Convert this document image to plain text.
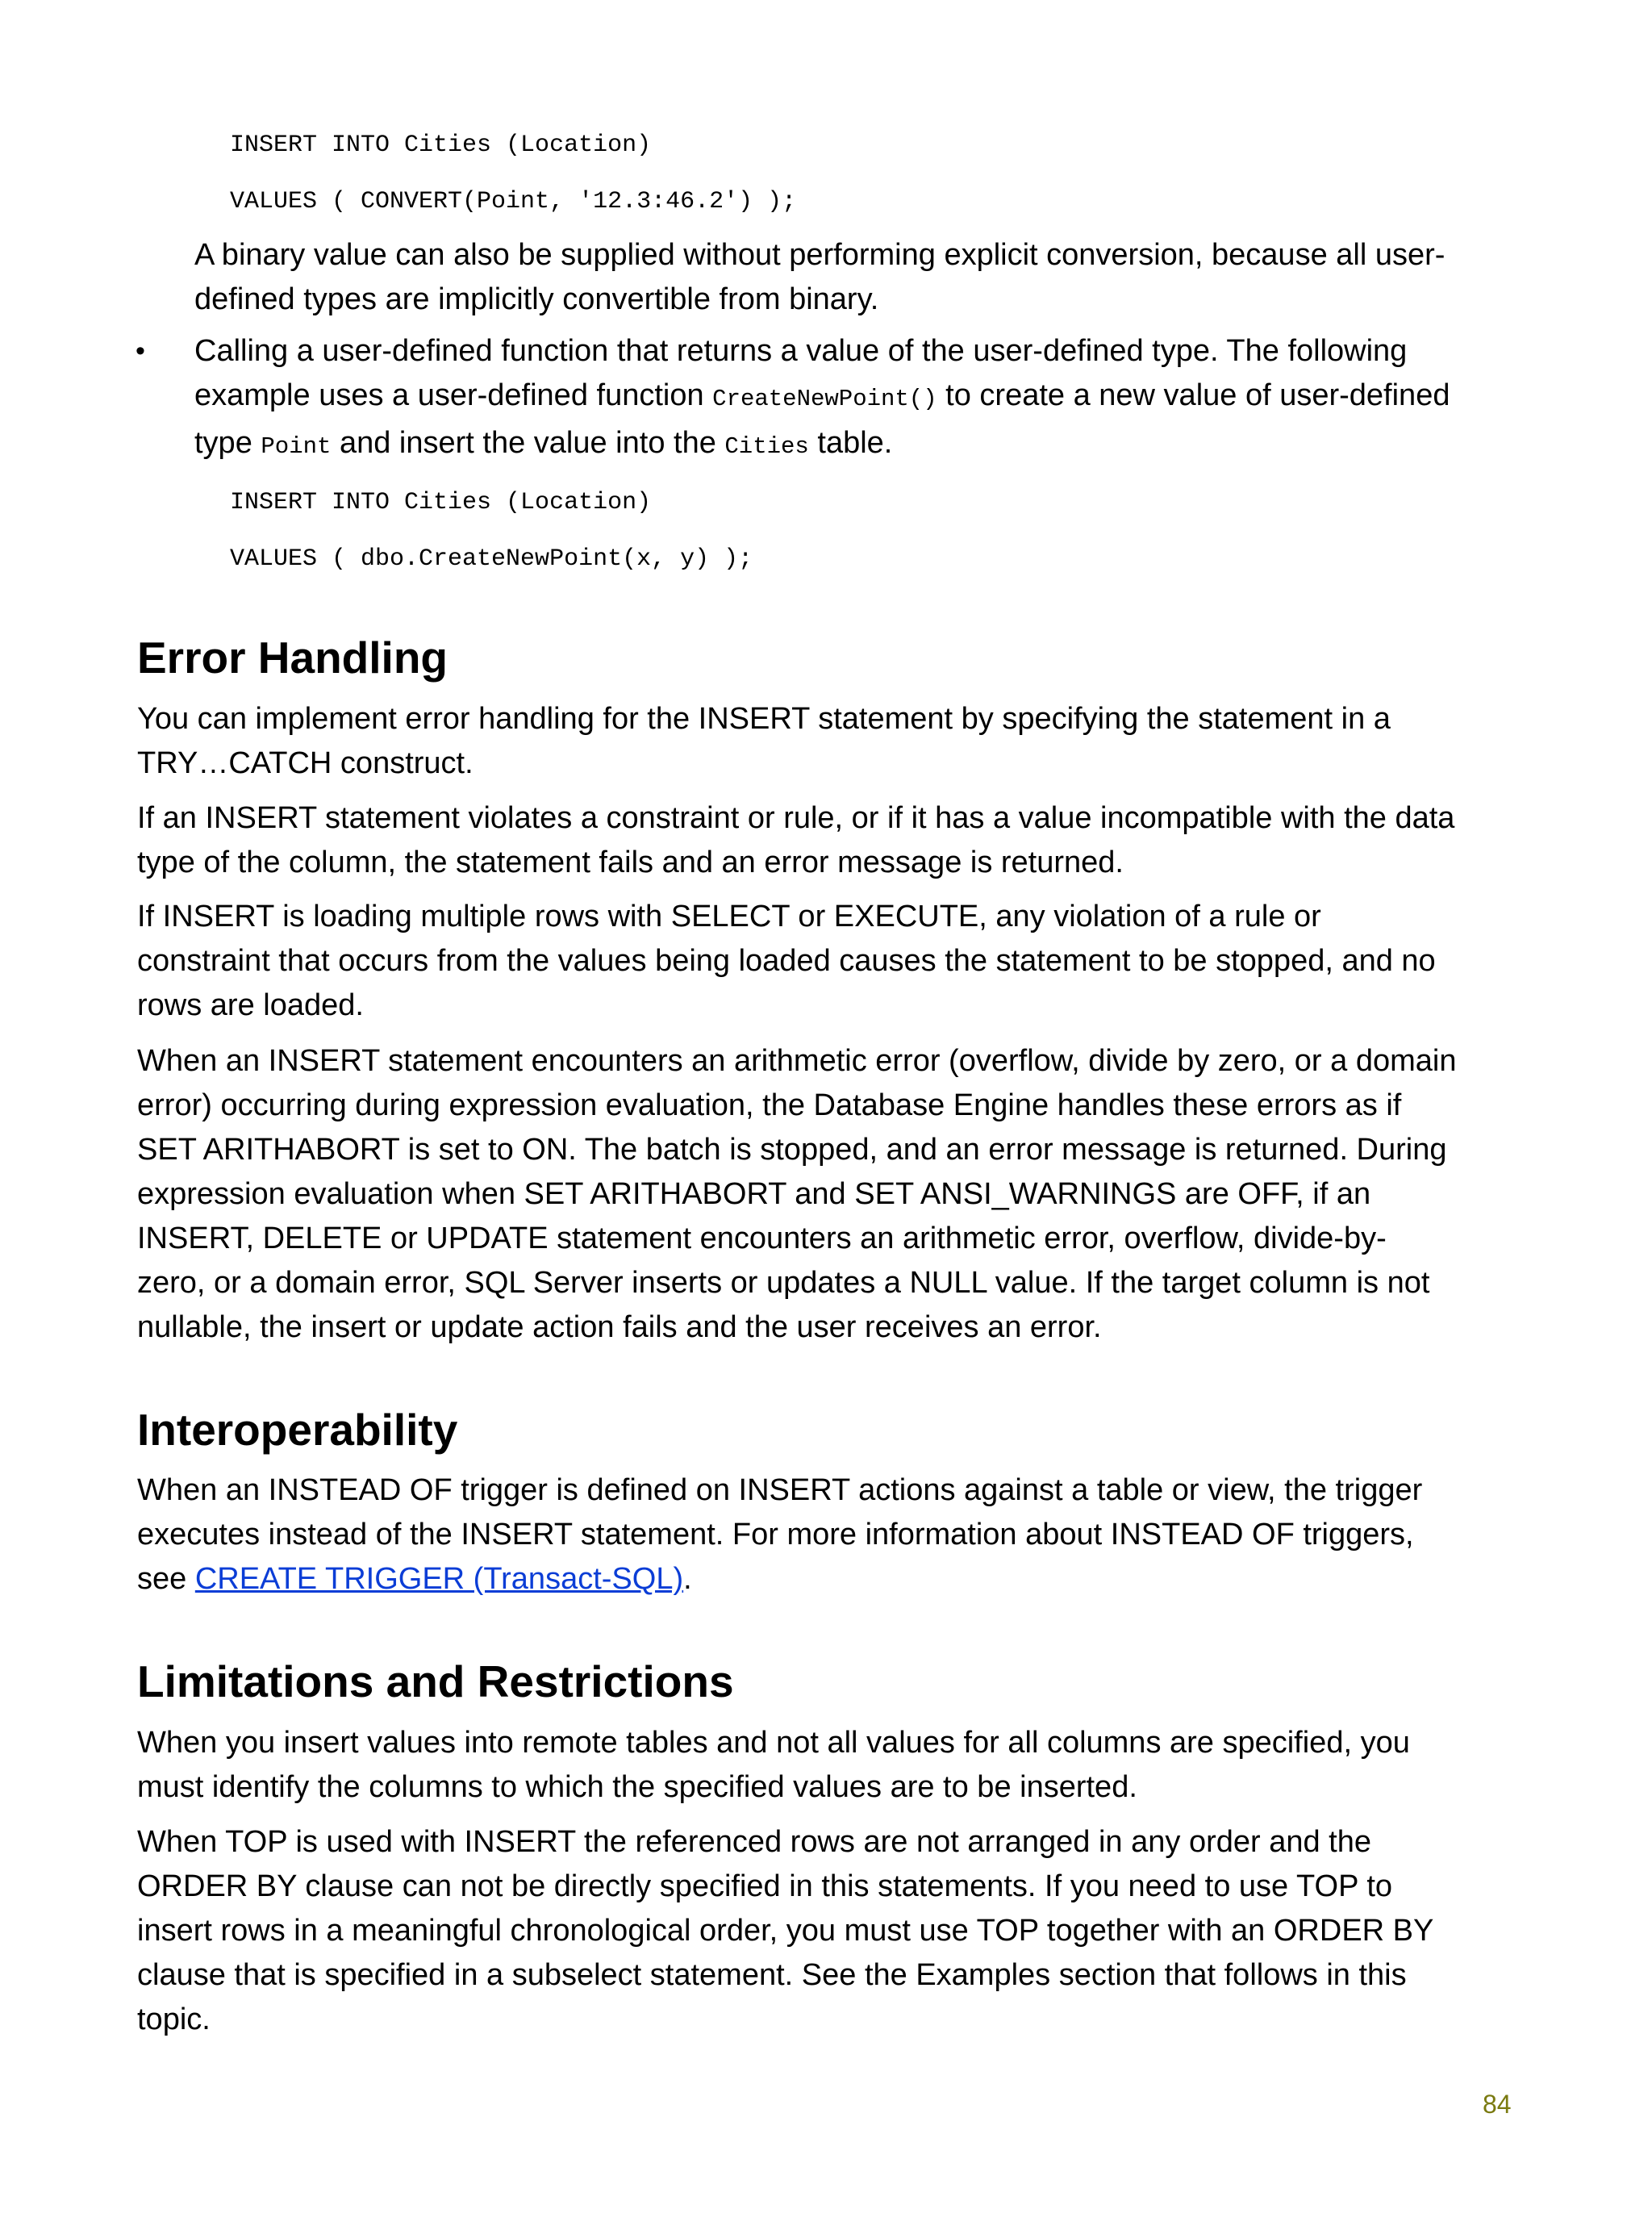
INSERT INTO Cities (Location)
VALUES ( CONVERT(Point, '12.3:46.2') );
A binary value can also be supplied without performing explicit conversion, because all user-
defined types are implicitly convertible from binary.
• Calling a user-defined function that returns a value of the user-defined type. The following
example uses a user-defined function CreateNewPoint() to create a new value of user-defined
type Point and insert the value into the Cities table.
INSERT INTO Cities (Location)
VALUES ( dbo.CreateNewPoint(x, y) );
Error Handling
You can implement error handling for the INSERT statement by specifying the statement in a
TRY…CATCH construct.
If an INSERT statement violates a constraint or rule, or if it has a value incompatible with the data
type of the column, the statement fails and an error message is returned.
If INSERT is loading multiple rows with SELECT or EXECUTE, any violation of a rule or
constraint that occurs from the values being loaded causes the statement to be stopped, and no
rows are loaded.
When an INSERT statement encounters an arithmetic error (overflow, divide by zero, or a domain
error) occurring during expression evaluation, the Database Engine handles these errors as if
SET ARITHABORT is set to ON. The batch is stopped, and an error message is returned. During
expression evaluation when SET ARITHABORT and SET ANSI_WARNINGS are OFF, if an
INSERT, DELETE or UPDATE statement encounters an arithmetic error, overflow, divide-by-
zero, or a domain error, SQL Server inserts or updates a NULL value. If the target column is not
nullable, the insert or update action fails and the user receives an error.
Interoperability
When an INSTEAD OF trigger is defined on INSERT actions against a table or view, the trigger
executes instead of the INSERT statement. For more information about INSTEAD OF triggers,
see CREATE TRIGGER (Transact-SQL).
Limitations and Restrictions
When you insert values into remote tables and not all values for all columns are specified, you
must identify the columns to which the specified values are to be inserted.
When TOP is used with INSERT the referenced rows are not arranged in any order and the
ORDER BY clause can not be directly specified in this statements. If you need to use TOP to
insert rows in a meaningful chronological order, you must use TOP together with an ORDER BY
clause that is specified in a subselect statement. See the Examples section that follows in this
topic.
84
